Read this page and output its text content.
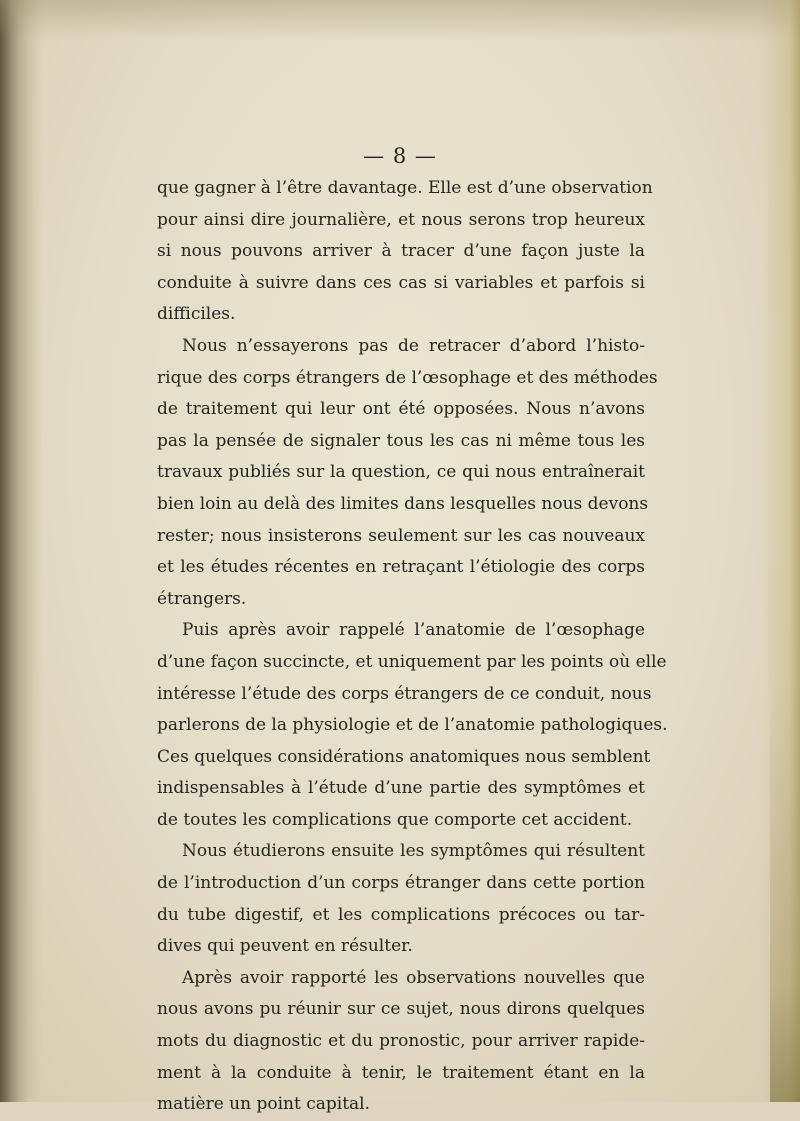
— 8 —
que gagner à l’être davantage. Elle est d’une observation
pour ainsi dire journalière, et nous serons trop heureux
si nous pouvons arriver à tracer d’une façon juste la
conduite à suivre dans ces cas si variables et parfois si
difficiles.
Nous n’essayerons pas de retracer d’abord l’histo-
rique des corps étrangers de l’œsophage et des méthodes
de traitement qui leur ont été opposées. Nous n’avons
pas la pensée de signaler tous les cas ni même tous les
travaux publiés sur la question, ce qui nous entraînerait
bien loin au delà des limites dans lesquelles nous devons
rester; nous insisterons seulement sur les cas nouveaux
et les études récentes en retraçant l’étiologie des corps
étrangers.
Puis après avoir rappelé l’anatomie de l’œsophage
d’une façon succincte, et uniquement par les points où elle
intéresse l’étude des corps étrangers de ce conduit, nous
parlerons de la physiologie et de l’anatomie pathologiques.
Ces quelques considérations anatomiques nous semblent
indispensables à l’étude d’une partie des symptômes et
de toutes les complications que comporte cet accident.
Nous étudierons ensuite les symptômes qui résultent
de l’introduction d’un corps étranger dans cette portion
du tube digestif, et les complications précoces ou tar-
dives qui peuvent en résulter.
Après avoir rapporté les observations nouvelles que
nous avons pu réunir sur ce sujet, nous dirons quelques
mots du diagnostic et du pronostic, pour arriver rapide-
ment à la conduite à tenir, le traitement étant en la
matière un point capital.
